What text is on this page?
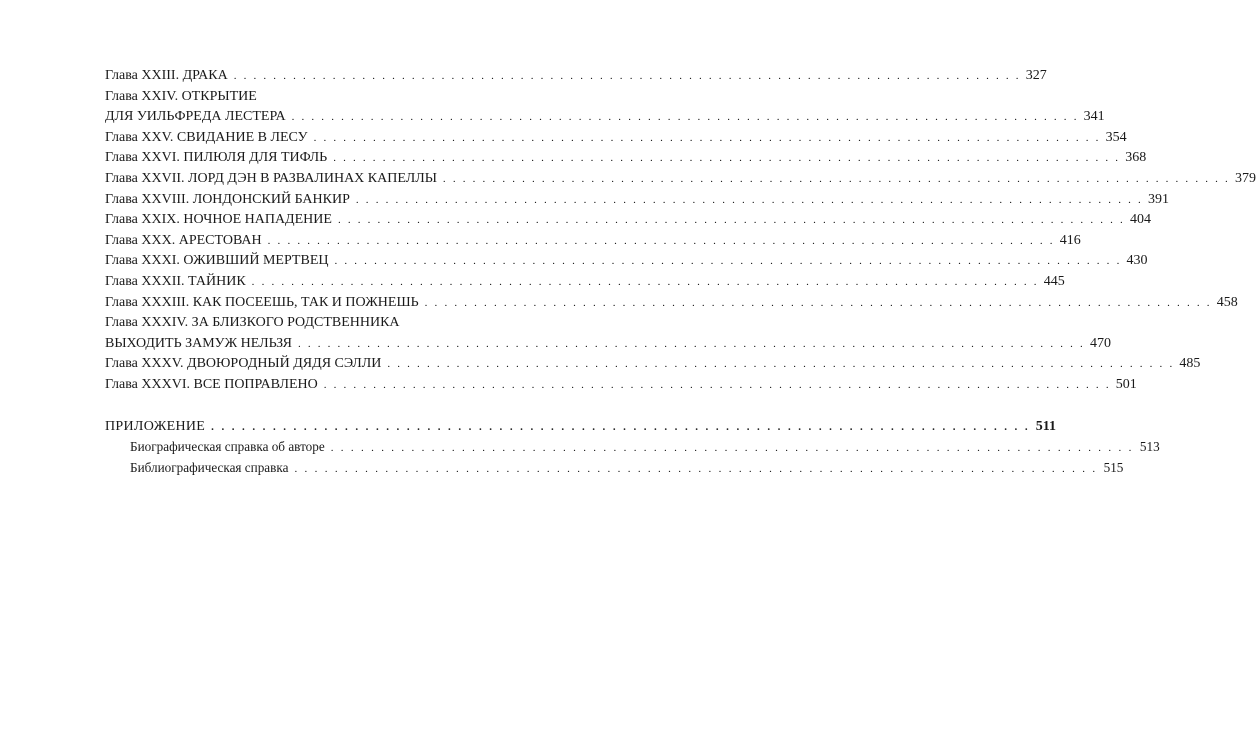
Глава XXIII. ДРАКА . . . . . . . . . . . . . . . . . . . . . . . . . . . . . . . . . . . . . . . . . . . . . . . . . . . . . . . . . . . . . . . . . . . . . . . . . . . . . . . . 327
Глава XXIV. ОТКРЫТИЕ
ДЛЯ УИЛЬФРЕДА ЛЕСТЕРА . . . . . . . . . . . . . . . . . . . . . . . . . . . . . . . . . . . . . . . . . . . . . . . . . . . . . . . . . . . . . . . . . . . . . . . . . . . . . . . . 341
Глава XXV. СВИДАНИЕ В ЛЕСУ . . . . . . . . . . . . . . . . . . . . . . . . . . . . . . . . . . . . . . . . . . . . . . . . . . . . . . . . . . . . . . . . . . . . . . . . . . . . . . . . 354
Глава XXVI. ПИЛЮЛЯ ДЛЯ ТИФЛЬ . . . . . . . . . . . . . . . . . . . . . . . . . . . . . . . . . . . . . . . . . . . . . . . . . . . . . . . . . . . . . . . . . . . . . . . . . . . . . . . . 368
Глава XXVII. ЛОРД ДЭН В РАЗВАЛИНАХ КАПЕЛЛЫ . . . . . . . . . . . . . . . . . . . . . . . . . . . . . . . . . . . . . . . . . . . . . . . . . . . . . . . . . . . . . . . . . . . . . . . . . . . . . . . . 379
Глава XXVIII. ЛОНДОНСКИЙ БАНКИР . . . . . . . . . . . . . . . . . . . . . . . . . . . . . . . . . . . . . . . . . . . . . . . . . . . . . . . . . . . . . . . . . . . . . . . . . . . . . . . . 391
Глава XXIX. НОЧНОЕ НАПАДЕНИЕ . . . . . . . . . . . . . . . . . . . . . . . . . . . . . . . . . . . . . . . . . . . . . . . . . . . . . . . . . . . . . . . . . . . . . . . . . . . . . . . . 404
Глава XXX. АРЕСТОВАН . . . . . . . . . . . . . . . . . . . . . . . . . . . . . . . . . . . . . . . . . . . . . . . . . . . . . . . . . . . . . . . . . . . . . . . . . . . . . . . . 416
Глава XXXI. ОЖИВШИЙ МЕРТВЕЦ . . . . . . . . . . . . . . . . . . . . . . . . . . . . . . . . . . . . . . . . . . . . . . . . . . . . . . . . . . . . . . . . . . . . . . . . . . . . . . . . 430
Глава XXXII. ТАЙНИК . . . . . . . . . . . . . . . . . . . . . . . . . . . . . . . . . . . . . . . . . . . . . . . . . . . . . . . . . . . . . . . . . . . . . . . . . . . . . . . . 445
Глава XXXIII. КАК ПОСЕЕШЬ, ТАК И ПОЖНЕШЬ . . . . . . . . . . . . . . . . . . . . . . . . . . . . . . . . . . . . . . . . . . . . . . . . . . . . . . . . . . . . . . . . . . . . . . . . . . . . . . . . 458
Глава XXXIV. ЗА БЛИЗКОГО РОДСТВЕННИКА
ВЫХОДИТЬ ЗАМУЖ НЕЛЬЗЯ . . . . . . . . . . . . . . . . . . . . . . . . . . . . . . . . . . . . . . . . . . . . . . . . . . . . . . . . . . . . . . . . . . . . . . . . . . . . . . . . 470
Глава XXXV. ДВОЮРОДНЫЙ ДЯДЯ СЭЛЛИ . . . . . . . . . . . . . . . . . . . . . . . . . . . . . . . . . . . . . . . . . . . . . . . . . . . . . . . . . . . . . . . . . . . . . . . . . . . . . . . . 485
Глава XXXVI. ВСЕ ПОПРАВЛЕНО . . . . . . . . . . . . . . . . . . . . . . . . . . . . . . . . . . . . . . . . . . . . . . . . . . . . . . . . . . . . . . . . . . . . . . . . . . . . . . . . 501
ПРИЛОЖЕНИЕ . . . . . . . . . . . . . . . . . . . . . . . . . . . . . . . . . . . . . . . . . . . . . . . . . . . . . . . . . . . . . . . . . . . . . . . . . . . . . . . . 511
Биографическая справка об авторе . . . . . . . . . . . . . . . . . . . . . . . . . . . . . . . . . . . . . . . . . . . . . . . . . . . . . . . . . . . . . . . . . . . . . . . . . . . . . . . . 513
Библиографическая справка . . . . . . . . . . . . . . . . . . . . . . . . . . . . . . . . . . . . . . . . . . . . . . . . . . . . . . . . . . . . . . . . . . . . . . . . . . . . . . . . 515
